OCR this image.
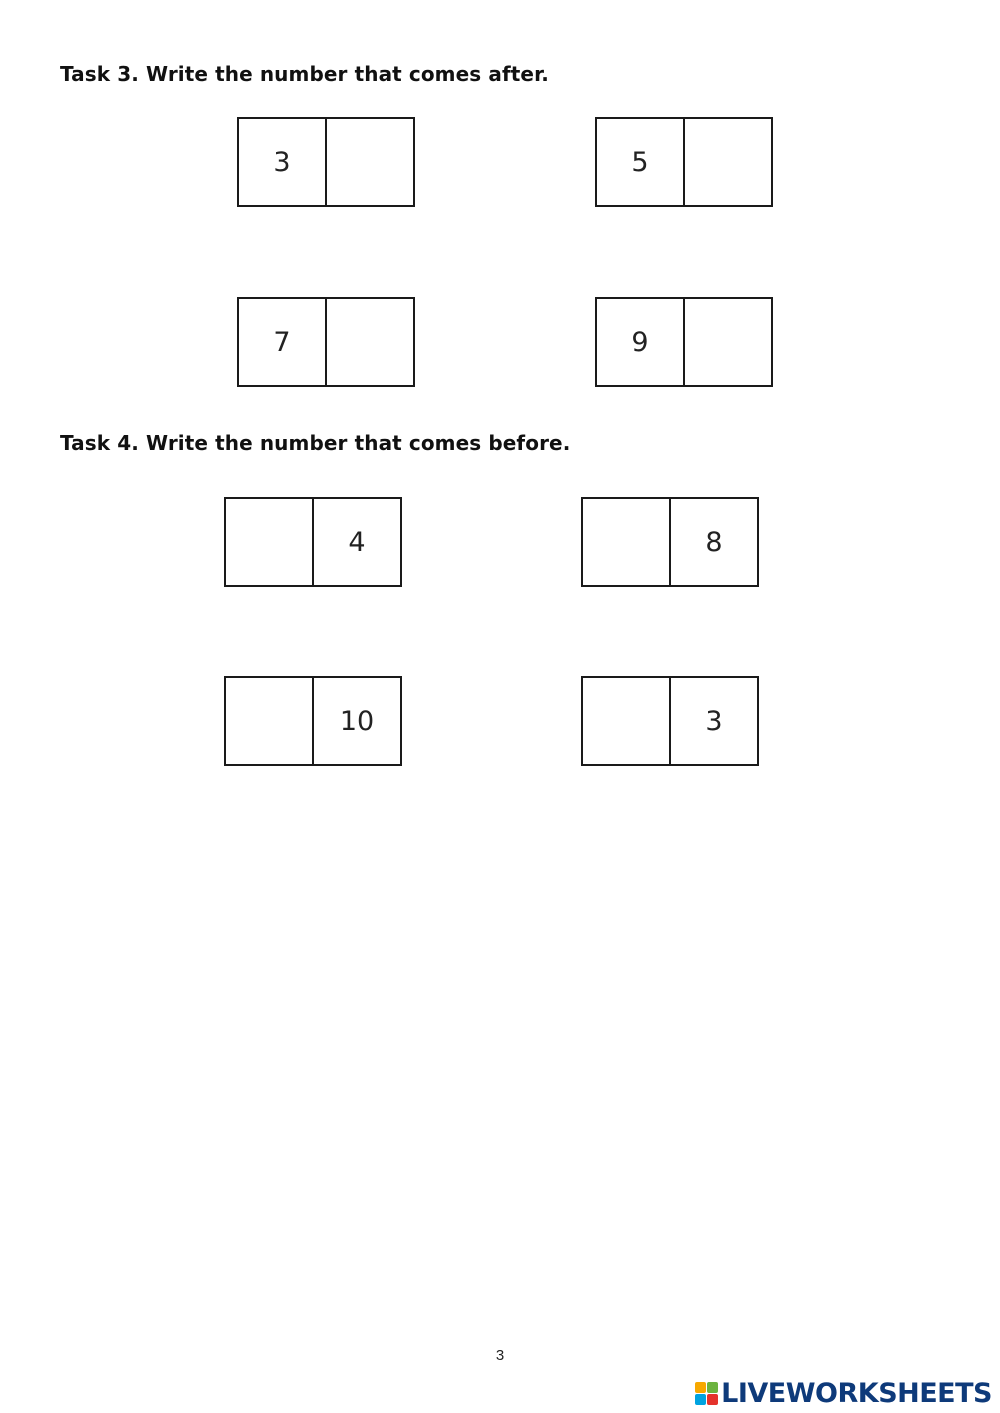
Task 3. Write the number that comes after.
3	5
7	9
Task 4. Write the number that comes before.
4	8
10	3
3
LIVEWORKSHEETS
